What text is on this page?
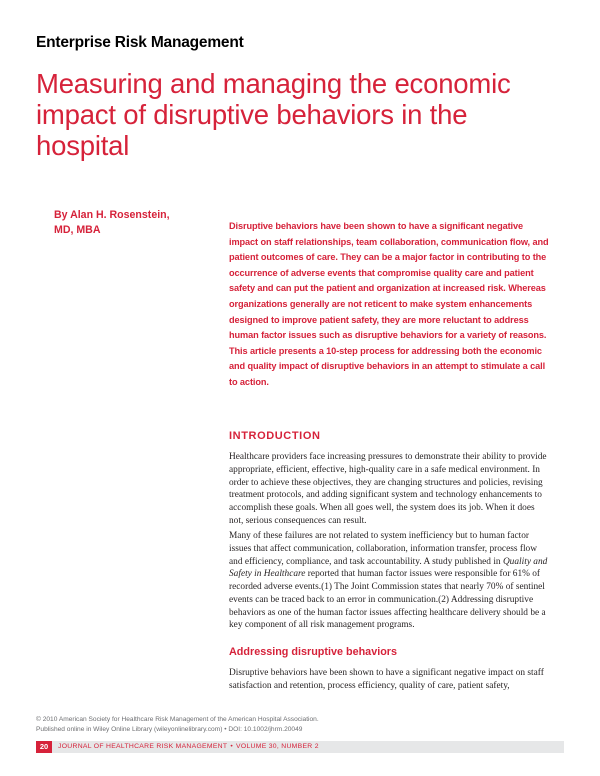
Enterprise Risk Management
Measuring and managing the economic impact of disruptive behaviors in the hospital
By Alan H. Rosenstein,
MD, MBA	Disruptive behaviors have been shown to have a significant negative impact on staff relationships, team collaboration, communication flow, and patient outcomes of care. They can be a major factor in contributing to the occurrence of adverse events that compromise quality care and patient safety and can put the patient and organization at increased risk. Whereas organizations generally are not reticent to make system enhancements designed to improve patient safety, they are more reluctant to address human factor issues such as disruptive behaviors for a variety of reasons. This article presents a 10-step process for addressing both the economic and quality impact of disruptive behaviors in an attempt to stimulate a call to action.

INTRODUCTION

Healthcare providers face increasing pressures to demonstrate their ability to provide appropriate, efficient, effective, high-quality care in a safe medical environment. In order to achieve these objectives, they are changing structures and policies, revising treatment protocols, and adding significant system and technology enhancements to accomplish these goals. When all goes well, the system does its job. When it does not, serious consequences can result.

Many of these failures are not related to system inefficiency but to human factor issues that affect communication, collaboration, information transfer, process flow and efficiency, compliance, and task accountability. A study published in Quality and Safety in Healthcare reported that human factor issues were responsible for 61% of recorded adverse events.(1) The Joint Commission states that nearly 70% of sentinel events can be traced back to an error in communication.(2) Addressing disruptive behaviors as one of the human factor issues affecting healthcare delivery should be a key component of all risk management programs.

Addressing disruptive behaviors

Disruptive behaviors have been shown to have a significant negative impact on staff satisfaction and retention, process efficiency, quality of care, patient safety,

© 2010 American Society for Healthcare Risk Management of the American Hospital Association.
Published online in Wiley Online Library (wileyonlinelibrary.com) • DOI: 10.1002/jhrm.20049
20	JOURNAL OF HEALTHCARE RISK MANAGEMENT • VOLUME 30, NUMBER 2
